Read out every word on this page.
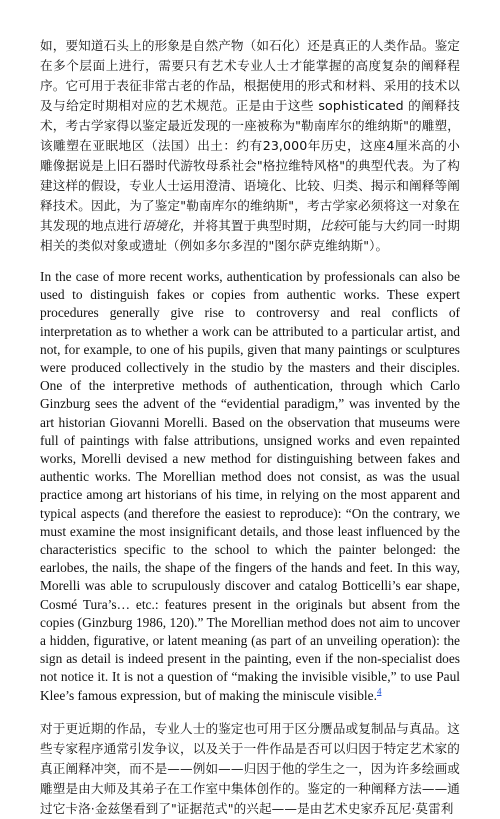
如，要知道石头上的形象是自然产物（如石化）还是真正的人类作品。鉴定在多个层面上进行，需要只有艺术专业人士才能掌握的高度复杂的阐释程序。它可用于表征非常古老的作品，根据使用的形式和材料、采用的技术以及与给定时期相对应的艺术规范。正是由于这些 sophisticated 的阐释技术，考古学家得以鉴定最近发现的一座被称为"勒南库尔的维纳斯"的雕塑，该雕塑在亚眠地区（法国）出土：约有23,000年历史，这座4厘米高的小雕像据说是上旧石器时代游牧母系社会"格拉维特风格"的典型代表。为了构建这样的假设，专业人士运用澄清、语境化、比较、归类、揭示和阐释等阐释技术。因此，为了鉴定"勒南库尔的维纳斯"，考古学家必须将这一对象在其发现的地点进行语境化，并将其置于典型时期，比较可能与大约同一时期相关的类似对象或遗址（例如多尔多涅的"图尔萨克维纳斯"）。

In the case of more recent works, authentication by professionals can also be used to distinguish fakes or copies from authentic works. These expert procedures generally give rise to controversy and real conflicts of interpretation as to whether a work can be attributed to a particular artist, and not, for example, to one of his pupils, given that many paintings or sculptures were produced collectively in the studio by the masters and their disciples. One of the interpretive methods of authentication, through which Carlo Ginzburg sees the advent of the “evidential paradigm,” was invented by the art historian Giovanni Morelli. Based on the observation that museums were full of paintings with false attributions, unsigned works and even repainted works, Morelli devised a new method for distinguishing between fakes and authentic works. The Morellian method does not consist, as was the usual practice among art historians of his time, in relying on the most apparent and typical aspects (and therefore the easiest to reproduce): “On the contrary, we must examine the most insignificant details, and those least influenced by the characteristics specific to the school to which the painter belonged: the earlobes, the nails, the shape of the fingers of the hands and feet. In this way, Morelli was able to scrupulously discover and catalog Botticelli’s ear shape, Cosmé Tura’s… etc.: features present in the originals but absent from the copies (Ginzburg 1986, 120).” The Morellian method does not aim to uncover a hidden, figurative, or latent meaning (as part of an unveiling operation): the sign as detail is indeed present in the painting, even if the non-specialist does not notice it. It is not a question of “making the invisible visible,” to use Paul Klee’s famous expression, but of making the miniscule visible.$^4$

对于更近期的作品，专业人士的鉴定也可用于区分赝品或复制品与真品。这些专家程序通常引发争议，以及关于一件作品是否可以归因于特定艺术家的真正阐释冲突，而不是——例如——归因于他的学生之一，因为许多绘画或雕塑是由大师及其弟子在工作室中集体创作的。鉴定的一种阐释方法——通过它卡洛·金兹堡看到了"证据范式"的兴起——是由艺术史家乔瓦尼·莫雷利
